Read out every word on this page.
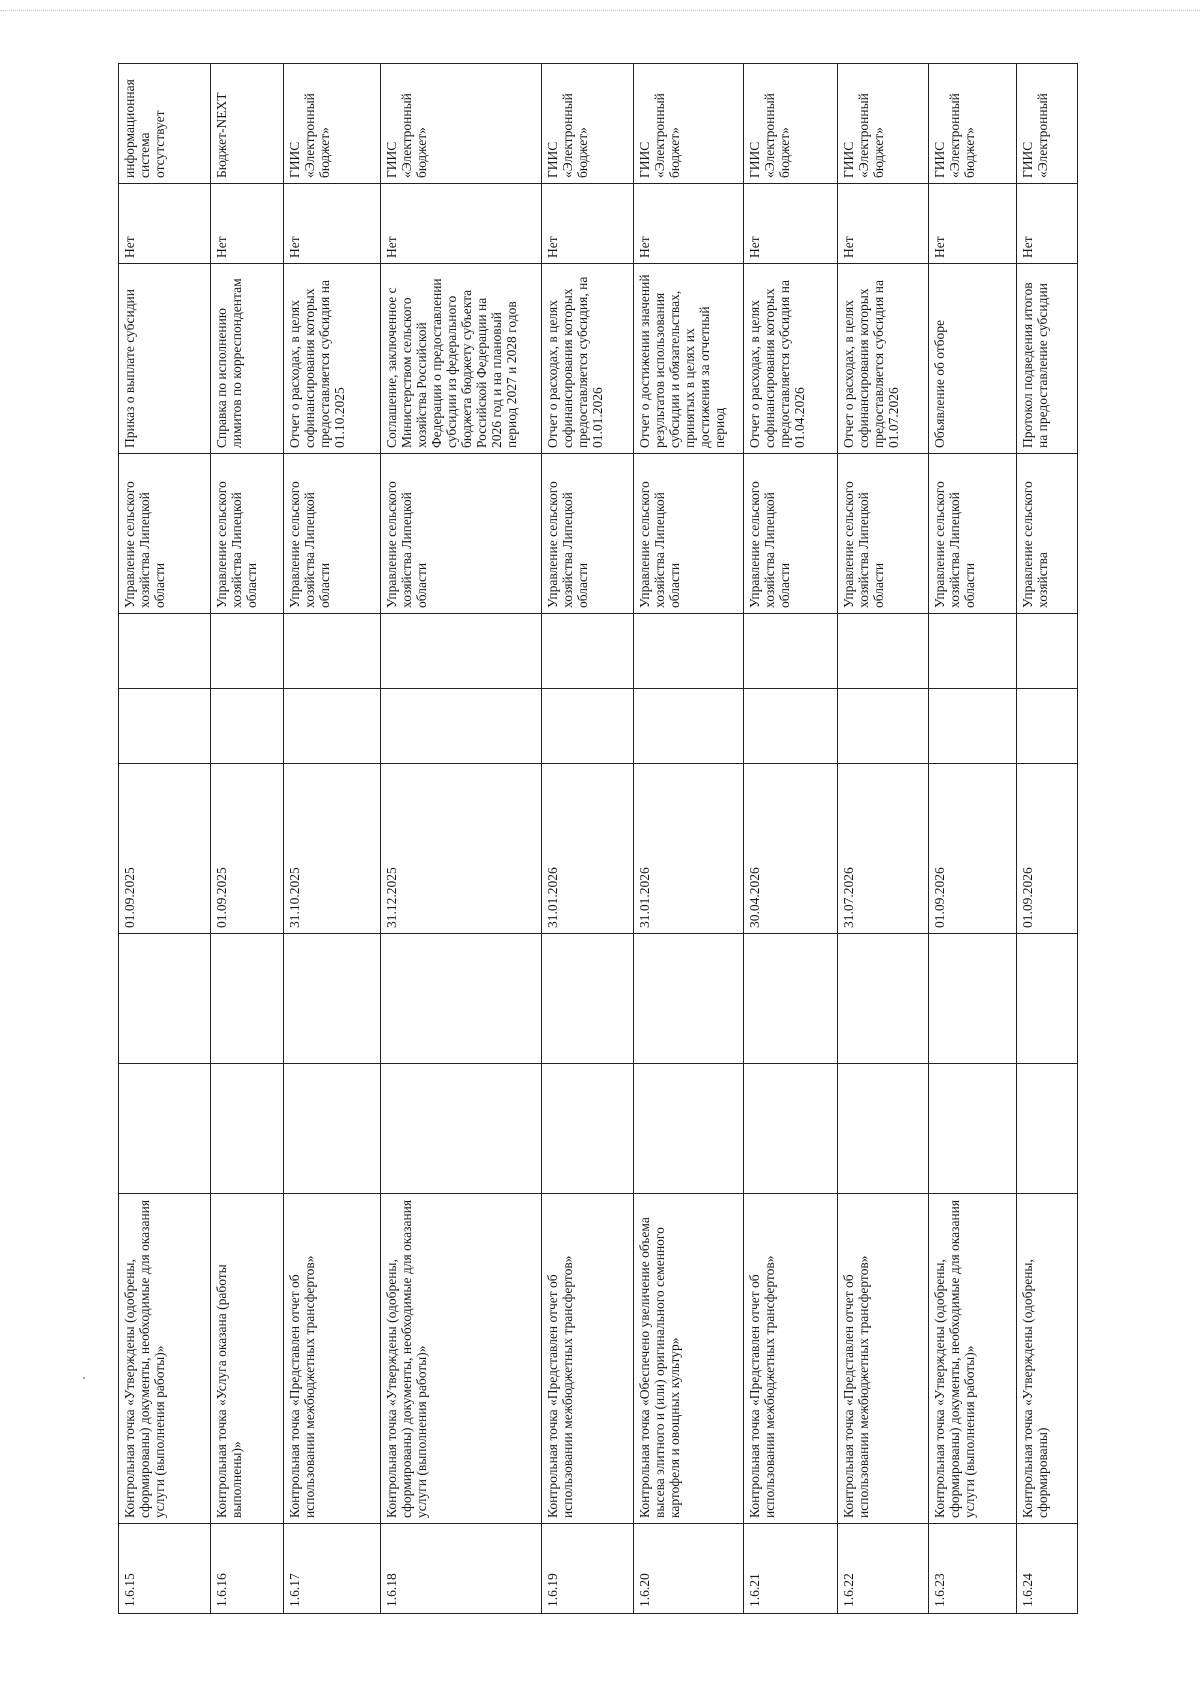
1.6.15	Контрольная точка «Утверждены (одобрены, сформированы) документы, необходимые для оказания услуги (выполнения работы)»			01.09.2025			Управление сельского хозяйства Липецкой области	Приказ о выплате субсидии	Нет	информационная система отсутствует
1.6.16	Контрольная точка «Услуга оказана (работы выполнены)»			01.09.2025			Управление сельского хозяйства Липецкой области	Справка по исполнению лимитов по корреспондентам	Нет	Бюджет-NEXT
1.6.17	Контрольная точка «Представлен отчет об использовании межбюджетных трансфертов»			31.10.2025			Управление сельского хозяйства Липецкой области	Отчет о расходах, в целях софинансирования которых предоставляется субсидия на 01.10.2025	Нет	ГИИС «Электронный бюджет»
1.6.18	Контрольная точка «Утверждены (одобрены, сформированы) документы, необходимые для оказания услуги (выполнения работы)»			31.12.2025			Управление сельского хозяйства Липецкой области	Соглашение, заключенное с Министерством сельского хозяйства Российской Федерации о предоставлении субсидии из федерального бюджета бюджету субъекта Российской Федерации на 2026 год и на плановый период 2027 и 2028 годов	Нет	ГИИС «Электронный бюджет»
1.6.19	Контрольная точка «Представлен отчет об использовании межбюджетных трансфертов»			31.01.2026			Управление сельского хозяйства Липецкой области	Отчет о расходах, в целях софинансирования которых предоставляется субсидия, на 01.01.2026	Нет	ГИИС «Электронный бюджет»
1.6.20	Контрольная точка «Обеспечено увеличение объема высева элитного и (или) оригинального семенного картофеля и овощных культур»			31.01.2026			Управление сельского хозяйства Липецкой области	Отчет о достижении значений результатов использования субсидии и обязательствах, принятых в целях их достижения за отчетный период	Нет	ГИИС «Электронный бюджет»
1.6.21	Контрольная точка «Представлен отчет об использовании межбюджетных трансфертов»			30.04.2026			Управление сельского хозяйства Липецкой области	Отчет о расходах, в целях софинансирования которых предоставляется субсидия на 01.04.2026	Нет	ГИИС «Электронный бюджет»
1.6.22	Контрольная точка «Представлен отчет об использовании межбюджетных трансфертов»			31.07.2026			Управление сельского хозяйства Липецкой области	Отчет о расходах, в целях софинансирования которых предоставляется субсидия на 01.07.2026	Нет	ГИИС «Электронный бюджет»
1.6.23	Контрольная точка «Утверждены (одобрены, сформированы) документы, необходимые для оказания услуги (выполнения работы)»			01.09.2026			Управление сельского хозяйства Липецкой области	Объявление об отборе	Нет	ГИИС «Электронный бюджет»
1.6.24	Контрольная точка «Утверждены (одобрены, сформированы)			01.09.2026			Управление сельского хозяйства	Протокол подведения итогов на предоставление субсидии	Нет	ГИИС «Электронный
